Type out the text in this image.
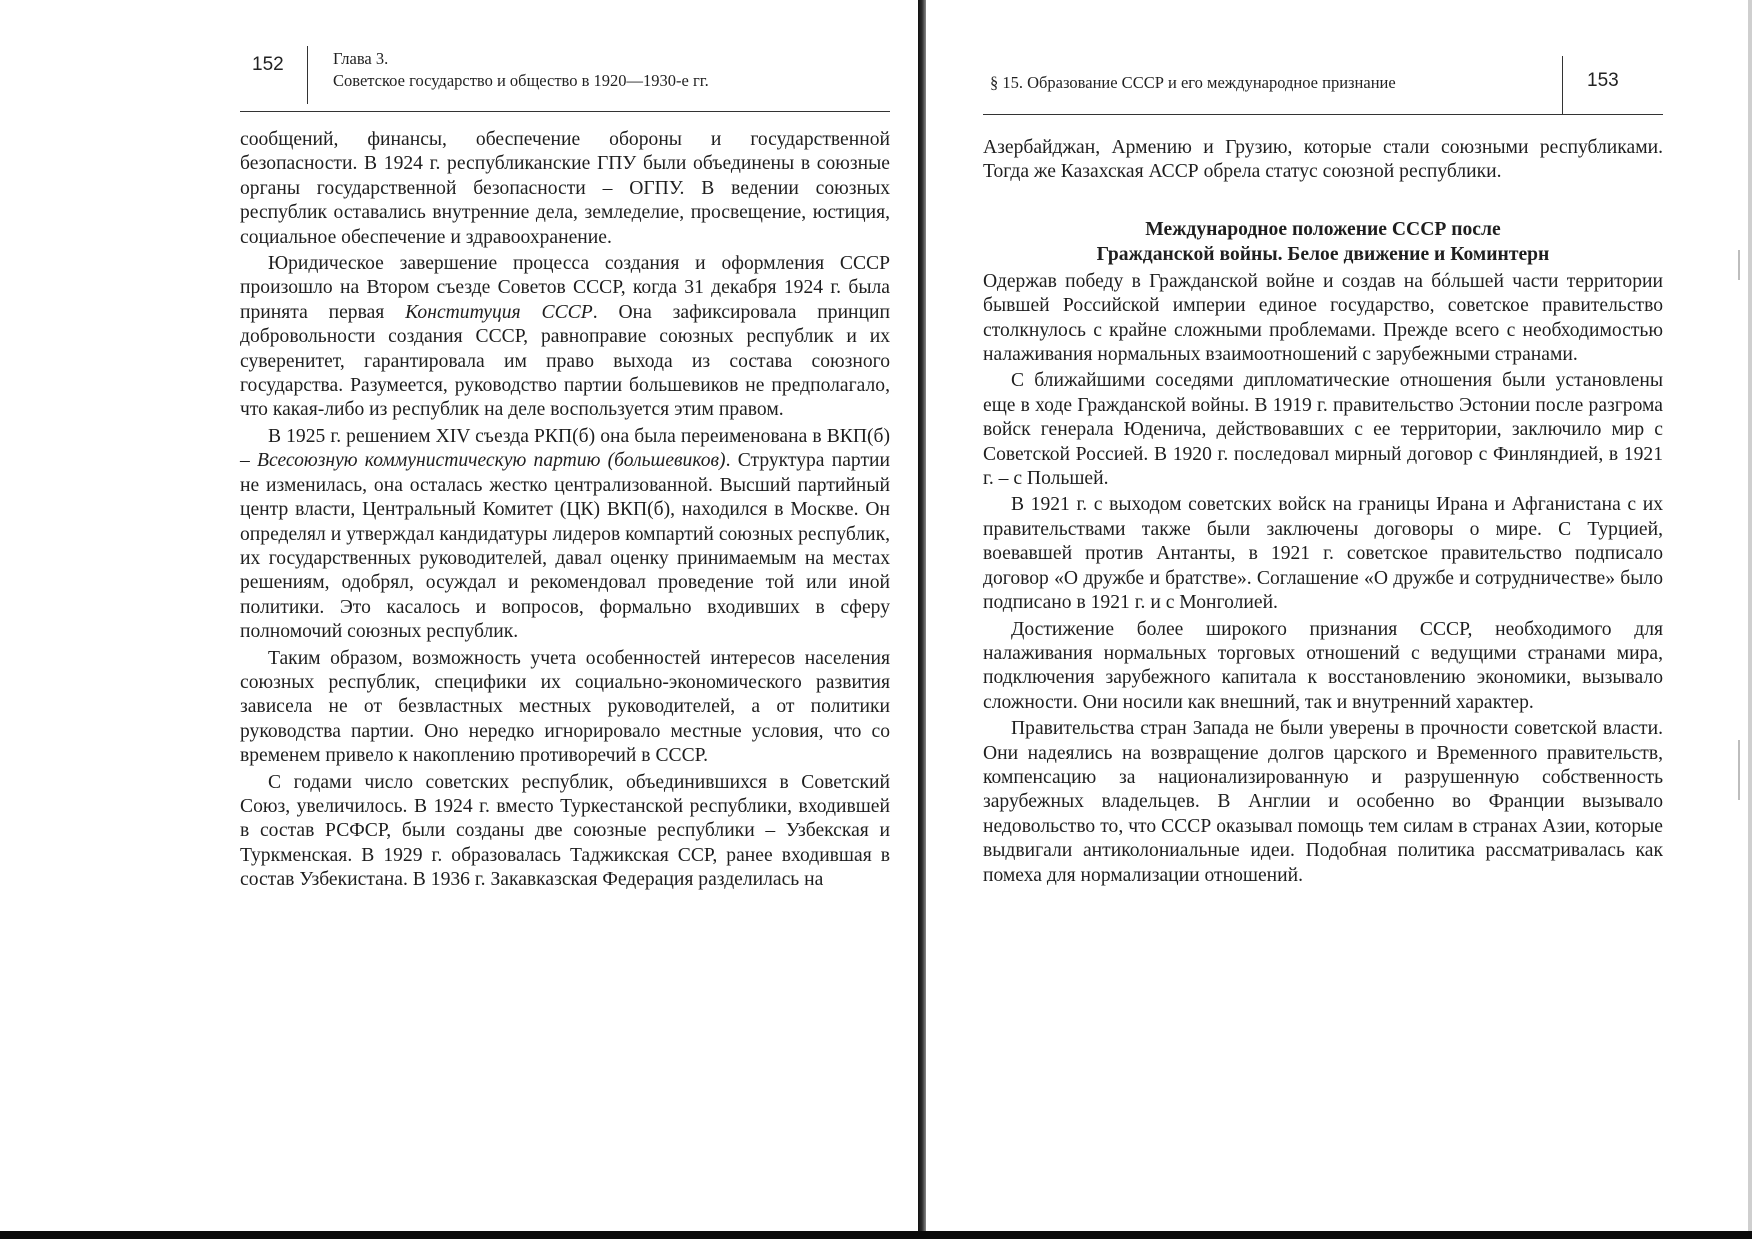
152	Глава 3.
Советское государство и общество в 1920—1930-е гг.

сообщений, финансы, обеспечение обороны и государственной безопасности. В 1924 г. республиканские ГПУ были объединены в союзные органы государственной безопасности – ОГПУ. В ведении союзных республик оставались внутренние дела, земледелие, просвещение, юстиция, социальное обеспечение и здравоохранение.

Юридическое завершение процесса создания и оформления СССР произошло на Втором съезде Советов СССР, когда 31 декабря 1924 г. была принята первая Конституция СССР. Она зафиксировала принцип добровольности создания СССР, равноправие союзных республик и их суверенитет, гарантировала им право выхода из состава союзного государства. Разумеется, руководство партии большевиков не предполагало, что какая-либо из республик на деле воспользуется этим правом.

В 1925 г. решением XIV съезда РКП(б) она была переименована в ВКП(б) – Всесоюзную коммунистическую партию (большевиков). Структура партии не изменилась, она осталась жестко централизованной. Высший партийный центр власти, Центральный Комитет (ЦК) ВКП(б), находился в Москве. Он определял и утверждал кандидатуры лидеров компартий союзных республик, их государственных руководителей, давал оценку принимаемым на местах решениям, одобрял, осуждал и рекомендовал проведение той или иной политики. Это касалось и вопросов, формально входивших в сферу полномочий союзных республик.

Таким образом, возможность учета особенностей интересов населения союзных республик, специфики их социально-экономического развития зависела не от безвластных местных руководителей, а от политики руководства партии. Оно нередко игнорировало местные условия, что со временем привело к накоплению противоречий в СССР.

С годами число советских республик, объединившихся в Советский Союз, увеличилось. В 1924 г. вместо Туркестанской республики, входившей в состав РСФСР, были созданы две союзные республики – Узбекская и Туркменская. В 1929 г. образовалась Таджикская ССР, ранее входившая в состав Узбекистана. В 1936 г. Закавказская Федерация разделилась на

§ 15. Образование СССР и его международное признание	153

Азербайджан, Армению и Грузию, которые стали союзными республиками. Тогда же Казахская АССР обрела статус союзной республики.

Международное положение СССР после
Гражданской войны. Белое движение и Коминтерн

Одержав победу в Гражданской войне и создав на бóльшей части территории бывшей Российской империи единое государство, советское правительство столкнулось с крайне сложными проблемами. Прежде всего с необходимостью налаживания нормальных взаимоотношений с зарубежными странами.

С ближайшими соседями дипломатические отношения были установлены еще в ходе Гражданской войны. В 1919 г. правительство Эстонии после разгрома войск генерала Юденича, действовавших с ее территории, заключило мир с Советской Россией. В 1920 г. последовал мирный договор с Финляндией, в 1921 г. – с Польшей.

В 1921 г. с выходом советских войск на границы Ирана и Афганистана с их правительствами также были заключены договоры о мире. С Турцией, воевавшей против Антанты, в 1921 г. советское правительство подписало договор «О дружбе и братстве». Соглашение «О дружбе и сотрудничестве» было подписано в 1921 г. и с Монголией.

Достижение более широкого признания СССР, необходимого для налаживания нормальных торговых отношений с ведущими странами мира, подключения зарубежного капитала к восстановлению экономики, вызывало сложности. Они носили как внешний, так и внутренний характер.

Правительства стран Запада не были уверены в прочности советской власти. Они надеялись на возвращение долгов царского и Временного правительств, компенсацию за национализированную и разрушенную собственность зарубежных владельцев. В Англии и особенно во Франции вызывало недовольство то, что СССР оказывал помощь тем силам в странах Азии, которые выдвигали антиколониальные идеи. Подобная политика рассматривалась как помеха для нормализации отношений.
